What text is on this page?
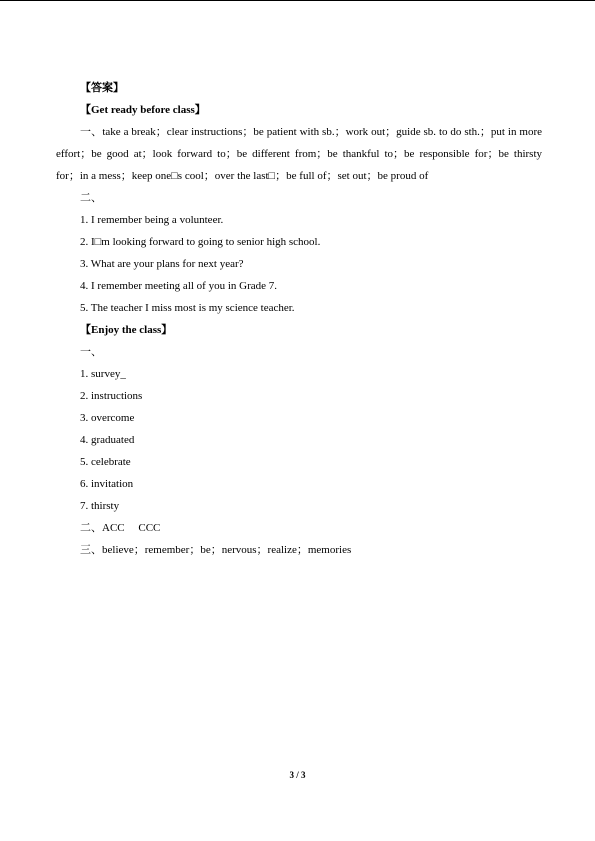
【答案】
【Get ready before class】
一、take a break；clear instructions；be patient with sb.；work out；guide sb. to do sth.；put in more effort；be good at；look forward to；be different from；be thankful to；be responsible for；be thirsty for；in a mess；keep one□s cool；over the last□；be full of；set out；be proud of
二、
1. I remember being a volunteer.
2. I□m looking forward to going to senior high school.
3. What are your plans for next year?
4. I remember meeting all of you in Grade 7.
5. The teacher I miss most is my science teacher.
【Enjoy the class】
一、
1. survey_
2. instructions
3. overcome
4. graduated
5. celebrate
6. invitation
7. thirsty
二、ACC     CCC
三、believe；remember；be；nervous；realize；memories
3 / 3
